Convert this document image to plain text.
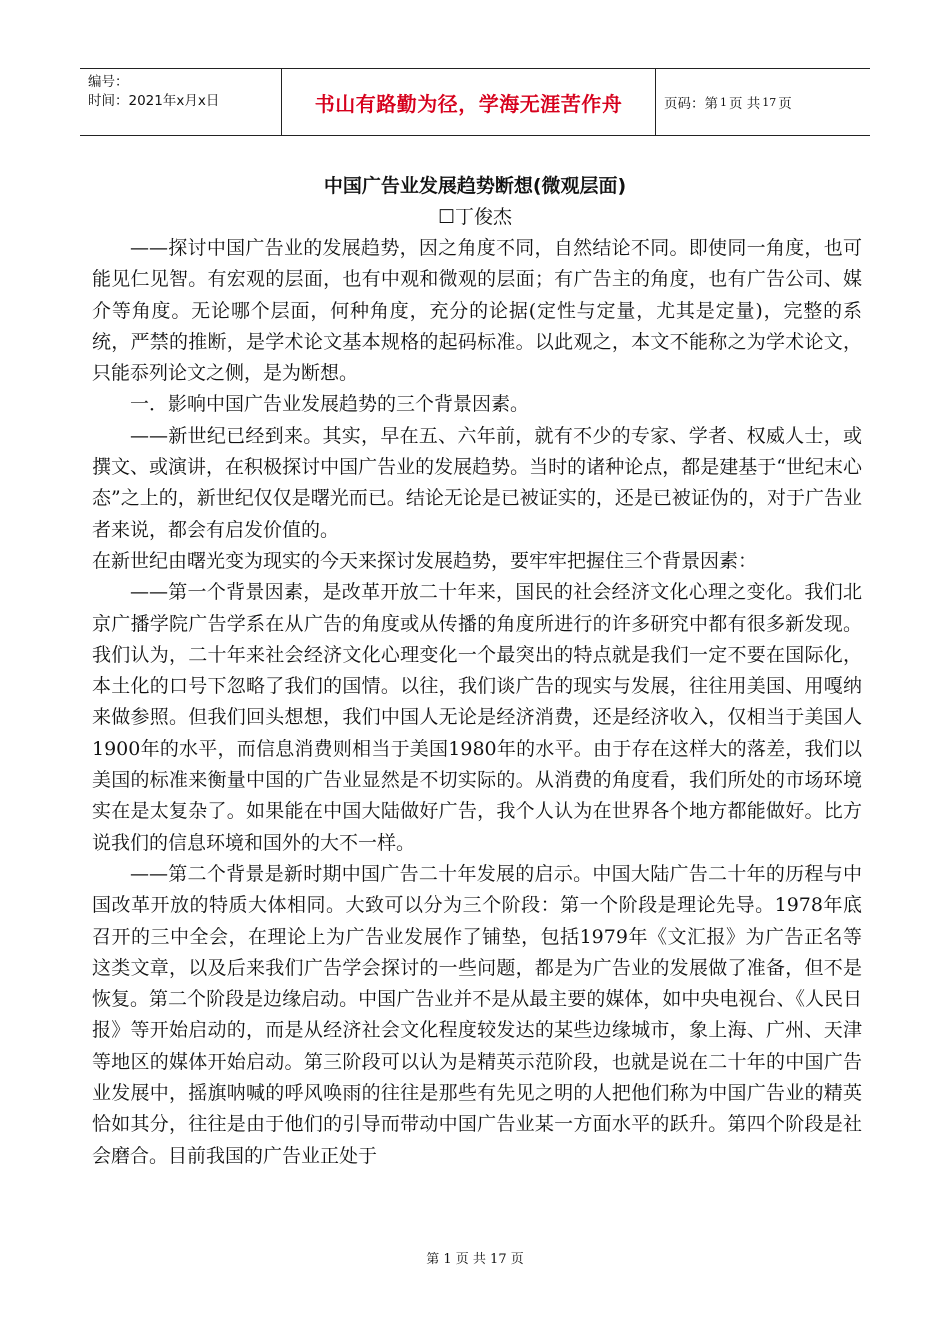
编号：
时间：2021年x月x日	书山有路勤为径，学海无涯苦作舟	页码：第 1 页 共 17 页
中国广告业发展趋势断想(微观层面)
☐丁俊杰

——探讨中国广告业的发展趋势，因之角度不同，自然结论不同。即使同一角度，也可能见仁见智。有宏观的层面，也有中观和微观的层面；有广告主的角度，也有广告公司、媒介等角度。无论哪个层面，何种角度，充分的论据(定性与定量，尤其是定量)，完整的系统，严禁的推断，是学术论文基本规格的起码标准。以此观之，本文不能称之为学术论文，只能忝列论文之侧，是为断想。

一．影响中国广告业发展趋势的三个背景因素。

——新世纪已经到来。其实，早在五、六年前，就有不少的专家、学者、权威人士，或撰文、或演讲，在积极探讨中国广告业的发展趋势。当时的诸种论点，都是建基于“世纪末心态”之上的，新世纪仅仅是曙光而已。结论无论是已被证实的，还是已被证伪的，对于广告业者来说，都会有启发价值的。

在新世纪由曙光变为现实的今天来探讨发展趋势，要牢牢把握住三个背景因素：

——第一个背景因素，是改革开放二十年来，国民的社会经济文化心理之变化。我们北京广播学院广告学系在从广告的角度或从传播的角度所进行的许多研究中都有很多新发现。我们认为，二十年来社会经济文化心理变化一个最突出的特点就是我们一定不要在国际化，本土化的口号下忽略了我们的国情。以往，我们谈广告的现实与发展，往往用美国、用嘎纳来做参照。但我们回头想想，我们中国人无论是经济消费，还是经济收入，仅相当于美国人1900年的水平，而信息消费则相当于美国1980年的水平。由于存在这样大的落差，我们以美国的标准来衡量中国的广告业显然是不切实际的。从消费的角度看，我们所处的市场环境实在是太复杂了。如果能在中国大陆做好广告，我个人认为在世界各个地方都能做好。比方说我们的信息环境和国外的大不一样。

——第二个背景是新时期中国广告二十年发展的启示。中国大陆广告二十年的历程与中国改革开放的特质大体相同。大致可以分为三个阶段：第一个阶段是理论先导。1978年底召开的三中全会，在理论上为广告业发展作了铺垫，包括1979年《文汇报》为广告正名等这类文章，以及后来我们广告学会探讨的一些问题，都是为广告业的发展做了准备，但不是恢复。第二个阶段是边缘启动。中国广告业并不是从最主要的媒体，如中央电视台、《人民日报》等开始启动的，而是从经济社会文化程度较发达的某些边缘城市，象上海、广州、天津等地区的媒体开始启动。第三阶段可以认为是精英示范阶段，也就是说在二十年的中国广告业发展中，摇旗呐喊的呼风唤雨的往往是那些有先见之明的人把他们称为中国广告业的精英恰如其分，往往是由于他们的引导而带动中国广告业某一方面水平的跃升。第四个阶段是社会磨合。目前我国的广告业正处于

第 1 页 共 17 页
